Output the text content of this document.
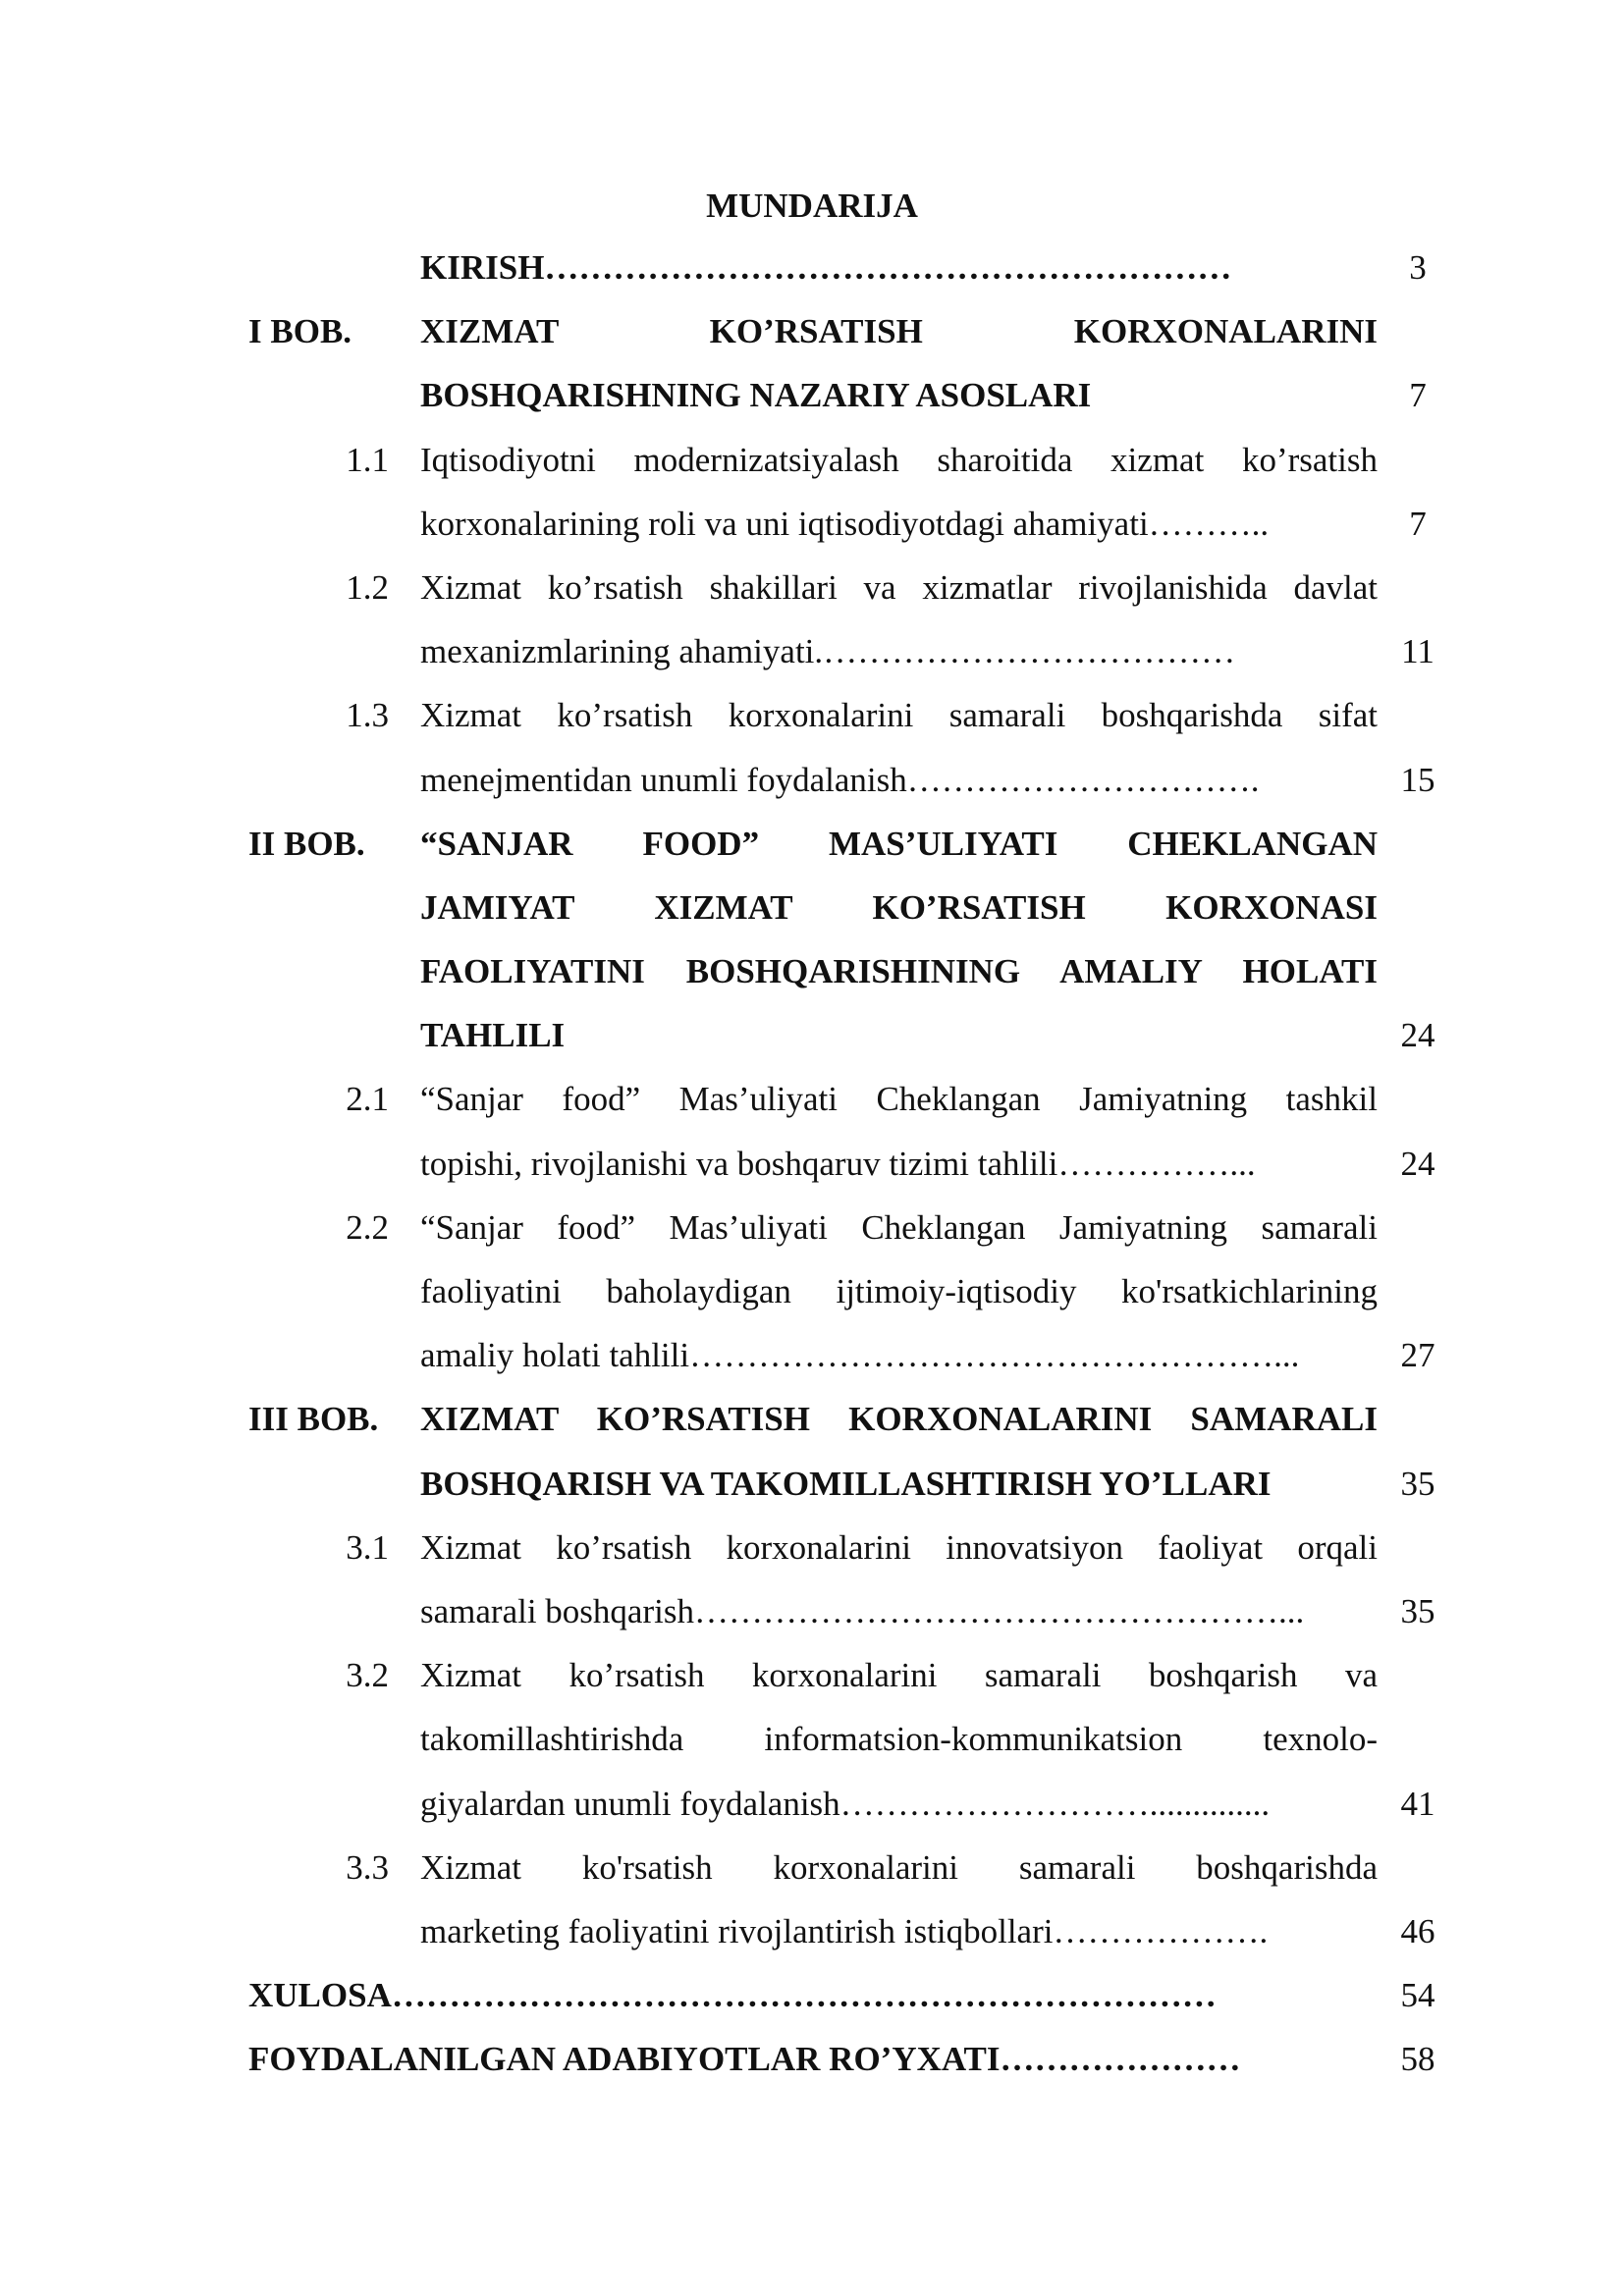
MUNDARIJA
KIRISH……………………………………………………	3
I BOB.	XIZMAT KO’RSATISH KORXONALARINI
BOSHQARISHNING NAZARIY ASOSLARI	7
1.1 Iqtisodiyotni modernizatsiyalash sharoitida xizmat ko’rsatish
korxonalarining roli va uni iqtisodiyotdagi ahamiyati………..	7
1.2 Xizmat ko’rsatish shakillari va xizmatlar rivojlanishida davlat
mexanizmlarining ahamiyati.………………………………	11
1.3 Xizmat ko’rsatish korxonalarini samarali boshqarishda sifat
menejmentidan unumli foydalanish………………………….	15
II BOB.	“SANJAR FOOD” MAS’ULIYATI CHEKLANGAN
JAMIYAT XIZMAT KO’RSATISH KORXONASI
FAOLIYATINI BOSHQARISHINING AMALIY HOLATI
TAHLILI	24
2.1 “Sanjar food” Mas’uliyati Cheklangan Jamiyatning tashkil
topishi, rivojlanishi va boshqaruv tizimi tahlili……………...	24
2.2 “Sanjar food” Mas’uliyati Cheklangan Jamiyatning samarali
faoliyatini baholaydigan ijtimoiy-iqtisodiy ko'rsatkichlarining
amaliy holati tahlili……………………………………………...	27
III BOB.	XIZMAT KO’RSATISH KORXONALARINI SAMARALI
BOSHQARISH VA TAKOMILLASHTIRISH YO’LLARI	35
3.1 Xizmat ko’rsatish korxonalarini innovatsiyon faoliyat orqali
samarali boshqarish……………………………………………...	35
3.2 Xizmat ko’rsatish korxonalarini samarali boshqarish va
takomillashtirishda informatsion-kommunikatsion texnolo-
giyalardan unumli foydalanish………………………..............	41
3.3 Xizmat ko'rsatish korxonalarini samarali boshqarishda
marketing faoliyatini rivojlantirish istiqbollari……………….	46
XULOSA………………………………………………………………	54
FOYDALANILGAN ADABIYOTLAR RO’YXATI…………………	58
